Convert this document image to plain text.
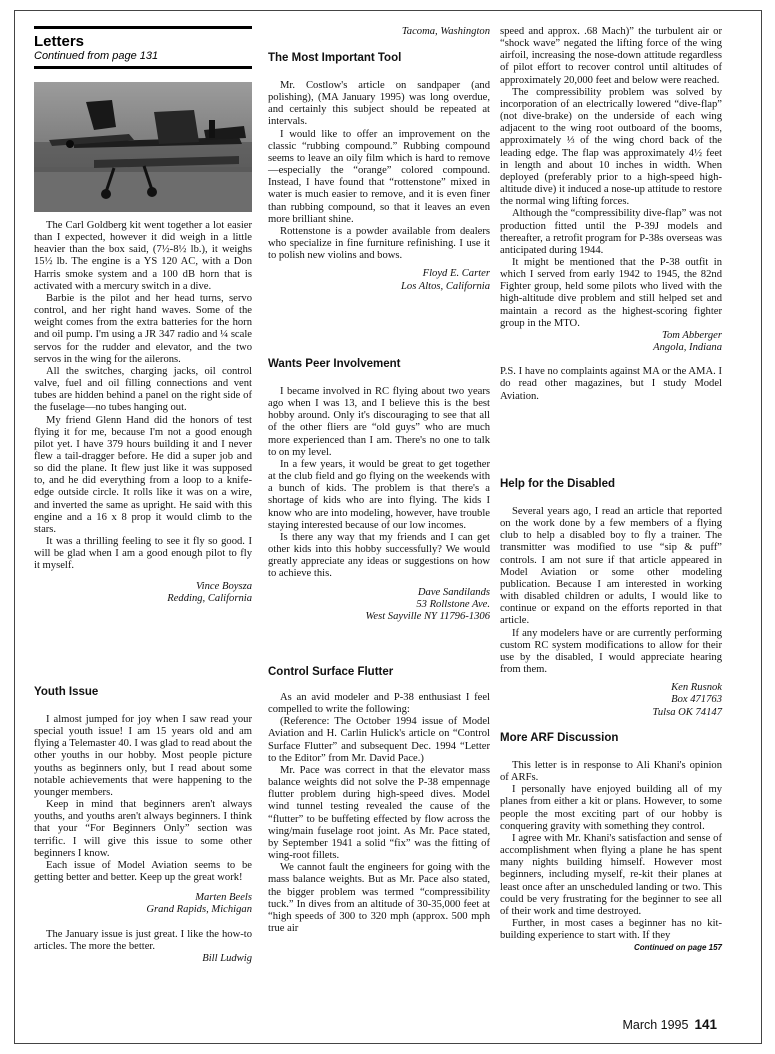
Letters
Continued from page 131

The Carl Goldberg kit went together a lot easier than I expected, however it did weigh in a little heavier than the box said, (7½-8½ lb.), it weighs 15½ lb. The engine is a YS 120 AC, with a Don Harris smoke system and a 100 dB horn that is activated with a mercury switch in a dive.

Barbie is the pilot and her head turns, servo control, and her right hand waves. Some of the weight comes from the extra batteries for the horn and oil pump. I'm using a JR 347 radio and ¼ scale servos for the rudder and elevator, and the two servos in the wing for the ailerons.

All the switches, charging jacks, oil control valve, fuel and oil filling connections and vent tubes are hidden behind a panel on the right side of the fuselage—no tubes hanging out.

My friend Glenn Hand did the honors of test flying it for me, because I'm not a good enough pilot yet. I have 379 hours building it and I never flew a tail-dragger before. He did a super job and so did the plane. It flew just like it was supposed to, and he did everything from a loop to a knife-edge outside circle. It rolls like it was on a wire, and inverted the same as upright. He said with this engine and a 16 x 8 prop it would climb to the stars.

It was a thrilling feeling to see it fly so good. I will be glad when I am a good enough pilot to fly it myself.

Vince Boysza
Redding, California
Youth Issue

I almost jumped for joy when I saw read your special youth issue! I am 15 years old and am flying a Telemaster 40. I was glad to read about the other youths in our hobby. Most people picture youths as beginners only, but I read about some notable achievements that were happening to the younger members.

Keep in mind that beginners aren't always youths, and youths aren't always beginners. I think that your “For Beginners Only” section was terrific. I will give this issue to some other beginners I know.

Each issue of Model Aviation seems to be getting better and better. Keep up the great work!

Marten Beels
Grand Rapids, Michigan

The January issue is just great. I like the how-to articles. The more the better.

Bill Ludwig
Tacoma, Washington
The Most Important Tool

Mr. Costlow's article on sandpaper (and polishing), (MA January 1995) was long overdue, and certainly this subject should be repeated at intervals.

I would like to offer an improvement on the classic “rubbing compound.” Rubbing compound seems to leave an oily film which is hard to remove—especially the “orange” colored compound. Instead, I have found that “rottenstone” mixed in water is much easier to remove, and it is even finer than rubbing compound, so that it leaves an even more brilliant shine.

Rottenstone is a powder available from dealers who specialize in fine furniture refinishing. I use it to polish new violins and bows.

Floyd E. Carter
Los Altos, California
Wants Peer Involvement

I became involved in RC flying about two years ago when I was 13, and I believe this is the best hobby around. Only it's discouraging to see that all of the other fliers are “old guys” who are much more experienced than I am. There's no one to talk to on my level.

In a few years, it would be great to get together at the club field and go flying on the weekends with a bunch of kids. The problem is that there's a shortage of kids who are into flying. The kids I know who are into modeling, however, have trouble staying interested because of our low incomes.

Is there any way that my friends and I can get other kids into this hobby successfully? We would greatly appreciate any ideas or suggestions on how to achieve this.

Dave Sandilands
53 Rollstone Ave.
West Sayville NY 11796-1306
Control Surface Flutter

As an avid modeler and P-38 enthusiast I feel compelled to write the following:

(Reference: The October 1994 issue of Model Aviation and H. Carlin Hulick's article on “Control Surface Flutter” and subsequent Dec. 1994 “Letter to the Editor” from Mr. David Pace.)

Mr. Pace was correct in that the elevator mass balance weights did not solve the P-38 empennage flutter problem during high-speed dives. Model wind tunnel testing revealed the cause of the “flutter” to be buffeting effected by flow across the wing/main fuselage root joint. As Mr. Pace stated, by September 1941 a solid “fix” was the fitting of wing-root fillets.

We cannot fault the engineers for going with the mass balance weights. But as Mr. Pace also stated, the bigger problem was termed “compressibility tuck.” In dives from an altitude of 30-35,000 feet at “high speeds of 300 to 320 mph (approx. 500 mph true air

speed and approx. .68 Mach)” the turbulent air or “shock wave” negated the lifting force of the wing airfoil, increasing the nose-down attitude regardless of pilot effort to recover control until altitudes of approximately 20,000 feet and below were reached.

The compressibility problem was solved by incorporation of an electrically lowered “dive-flap” (not dive-brake) on the underside of each wing adjacent to the wing root outboard of the booms, approximately ⅓ of the wing chord back of the leading edge. The flap was approximately 4½ feet in length and about 10 inches in width. When deployed (preferably prior to a high-speed high-altitude dive) it induced a nose-up attitude to restore the normal wing lifting forces.

Although the “compressibility dive-flap” was not production fitted until the P-39J models and thereafter, a retrofit program for P-38s overseas was anticipated during 1944.

It might be mentioned that the P-38 outfit in which I served from early 1942 to 1945, the 82nd Fighter group, held some pilots who lived with the high-altitude dive problem and still helped set and maintain a record as the highest-scoring fighter group in the MTO.

Tom Abberger
Angola, Indiana

P.S. I have no complaints against MA or the AMA. I do read other magazines, but I study Model Aviation.

Help for the Disabled

Several years ago, I read an article that reported on the work done by a few members of a flying club to help a disabled boy to fly a trainer. The transmitter was modified to use “sip & puff” controls. I am not sure if that article appeared in Model Aviation or some other modeling publication. Because I am interested in working with disabled children or adults, I would like to continue or expand on the efforts reported in that article.

If any modelers have or are currently performing custom RC system modifications to allow for their use by the disabled, I would appreciate hearing from them.

Ken Rusnok
Box 471763
Tulsa OK 74147
More ARF Discussion

This letter is in response to Ali Khani's opinion of ARFs.

I personally have enjoyed building all of my planes from either a kit or plans. However, to some people the most exciting part of our hobby is conquering gravity with something they control.

I agree with Mr. Khani's satisfaction and sense of accomplishment when flying a plane he has spent many nights building himself. However most beginners, including myself, re-kit their planes at least once after an unscheduled landing or two. This could be very frustrating for the beginner to see all of their work and time destroyed.

Further, in most cases a beginner has no kit-building experience to start with. If they

Continued on page 157
March 1995 141
